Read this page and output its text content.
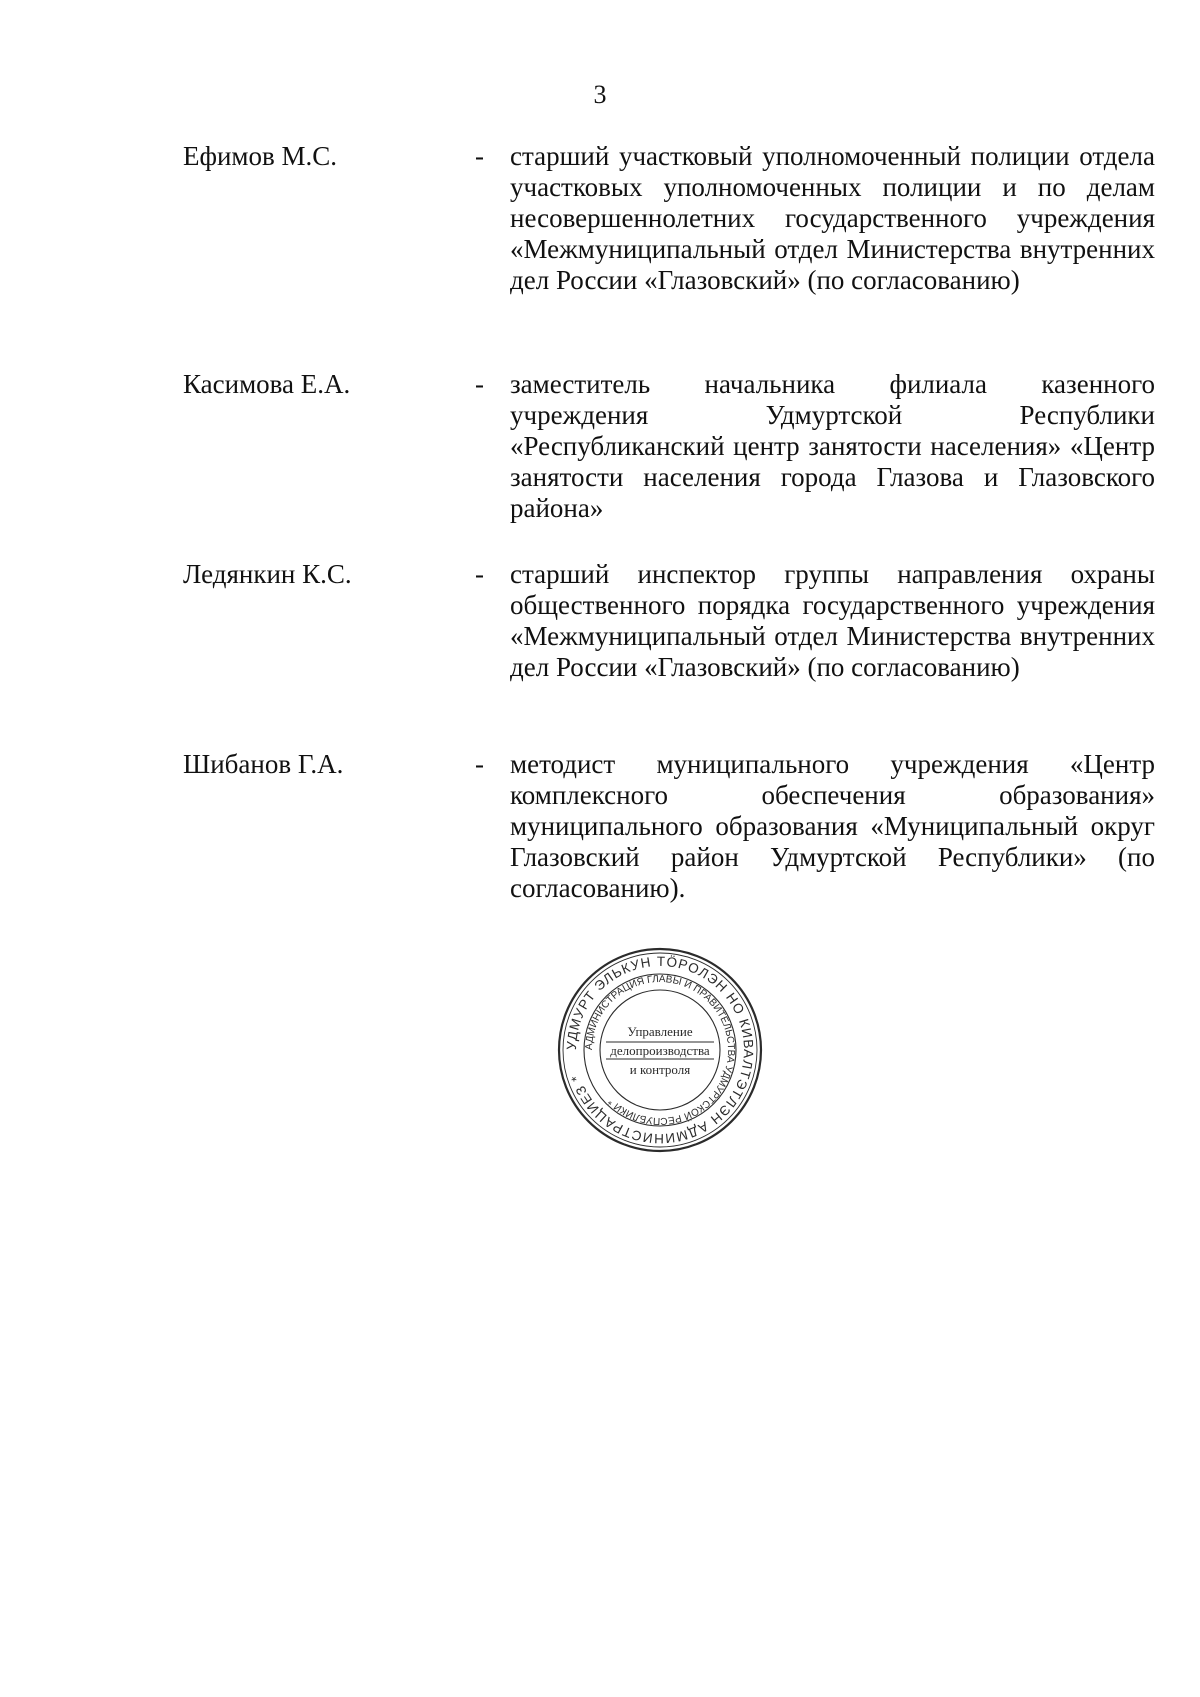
3
Ефимов М.С.	- старший участковый уполномоченный полиции отдела участковых уполномоченных полиции и по делам несовершеннолетних государственного учреждения «Межмуниципальный отдел Министерства внутренних дел России «Глазовский» (по согласованию)
Касимова Е.А.	- заместитель начальника филиала казенного учреждения Удмуртской Республики «Республиканский центр занятости населения» «Центр занятости населения города Глазова и Глазовского района»
Ледянкин К.С.	- старший инспектор группы направления охраны общественного порядка государственного учреждения «Межмуниципальный отдел Министерства внутренних дел России «Глазовский» (по согласованию)
Шибанов Г.А.	- методист муниципального учреждения «Центр комплексного обеспечения образования» муниципального образования «Муниципальный округ Глазовский район Удмуртской Республики» (по согласованию).
УДМУРТ ЭЛЬКУН ТӦРОЛЭН НО КИВАЛТЭТЛЭН АДМИНИСТРАЦИЕЗ *
АДМИНИСТРАЦИЯ ГЛАВЫ И ПРАВИТЕЛЬСТВА УДМУРТСКОЙ РЕСПУБЛИКИ *
Управление
делопроизводства
и контроля
